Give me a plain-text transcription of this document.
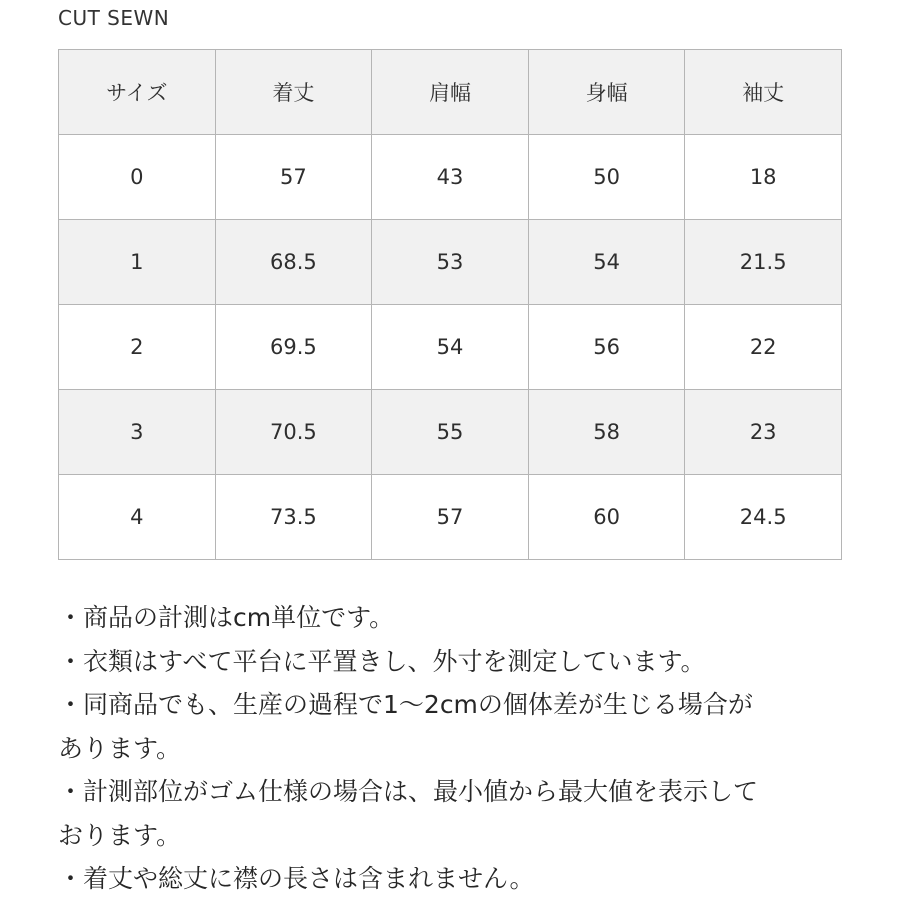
CUT SEWN
サイズ	着丈	肩幅	身幅	袖丈
0	57	43	50	18
1	68.5	53	54	21.5
2	69.5	54	56	22
3	70.5	55	58	23
4	73.5	57	60	24.5
・商品の計測はcm単位です。
・衣類はすべて平台に平置きし、外寸を測定しています。
・同商品でも、生産の過程で1〜2cmの個体差が生じる場合が
あります。
・計測部位がゴム仕様の場合は、最小値から最大値を表示して
おります。
・着丈や総丈に襟の長さは含まれません。
